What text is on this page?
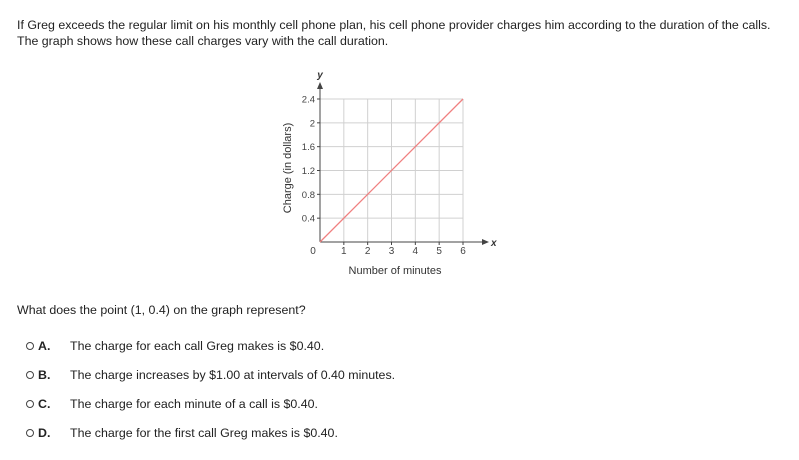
If Greg exceeds the regular limit on his monthly cell phone plan, his cell phone provider charges him according to the duration of the calls. The graph shows how these call charges vary with the call duration.

1 2 3 4 5 6
0.4
0.8
1.2
1.6
2
2.4
0
Number of minutes
Charge (in dollars)
x
y

What does the point (1, 0.4) on the graph represent?

A.	The charge for each call Greg makes is $0.40.
B.	The charge increases by $1.00 at intervals of 0.40 minutes.
C.	The charge for each minute of a call is $0.40.
D.	The charge for the first call Greg makes is $0.40.
